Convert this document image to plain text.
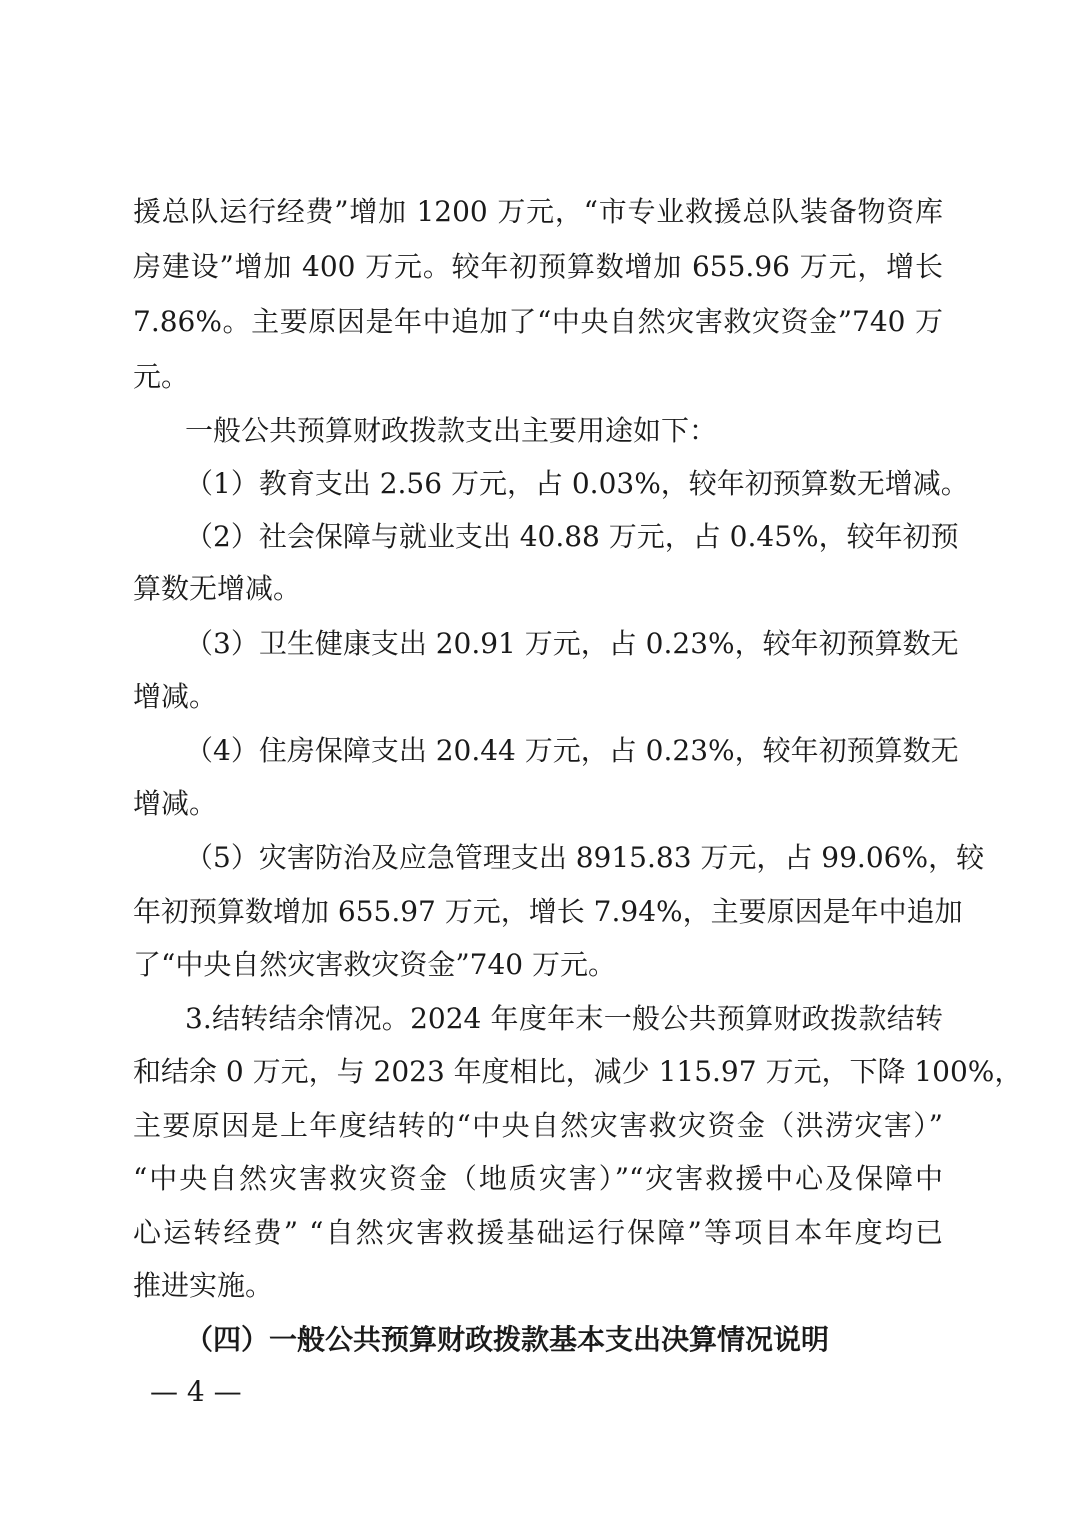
援总队运行经费”增加 1200 万元，“市专业救援总队装备物资库
房建设”增加 400 万元。较年初预算数增加 655.96 万元，增长
7.86%。主要原因是年中追加了“中央自然灾害救灾资金”740 万
元。
一般公共预算财政拨款支出主要用途如下：
（1）教育支出 2.56 万元，占 0.03%，较年初预算数无增减。
（2）社会保障与就业支出 40.88 万元，占 0.45%，较年初预
算数无增减。
（3）卫生健康支出 20.91 万元，占 0.23%，较年初预算数无
增减。
（4）住房保障支出 20.44 万元，占 0.23%，较年初预算数无
增减。
（5）灾害防治及应急管理支出 8915.83 万元，占 99.06%，较
年初预算数增加 655.97 万元，增长 7.94%，主要原因是年中追加
了“中央自然灾害救灾资金”740 万元。
3.结转结余情况。2024 年度年末一般公共预算财政拨款结转
和结余 0 万元，与 2023 年度相比，减少 115.97 万元，下降 100%，
主要原因是上年度结转的“中央自然灾害救灾资金（洪涝灾害）”
“中央自然灾害救灾资金（地质灾害）”“灾害救援中心及保障中
心运转经费” “自然灾害救援基础运行保障”等项目本年度均已
推进实施。
（四）一般公共预算财政拨款基本支出决算情况说明
— 4 —
